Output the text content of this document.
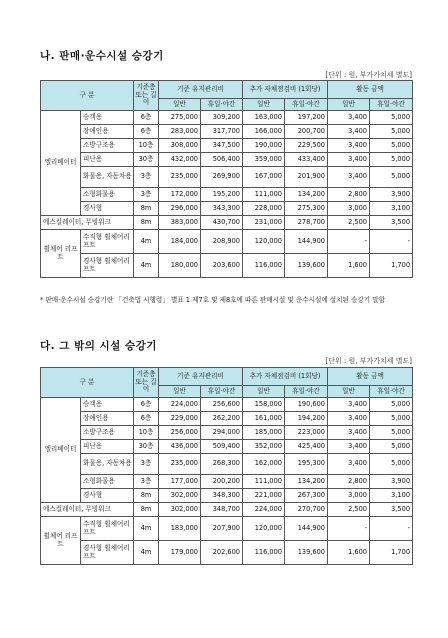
나. 판매·운수시설 승강기
[단위 : 원, 부가가치세 별도]
구 분		기준층 또는 길이	기준 유지관리비		추가 자체점검비 (1회당)		활동 금액	
			일반	휴일·야간	일반	휴일·야간	일반	휴일·야간
엘리베이터	승객용	6층	275,000	309,200	163,000	197,200	3,400	5,000
	장애인용	6층	283,000	317,700	166,000	200,700	3,400	5,000
	소방구조용	10층	308,000	347,500	190,000	229,500	3,400	5,000
	피난용	30층	432,000	506,400	359,000	433,400	3,400	5,000
	화물용, 자동차용	3층	235,000	269,900	167,000	201,900	3,400	5,000
	소형화물용	3층	172,000	195,200	111,000	134,200	2,800	3,900
	경사형	8m	296,000	343,300	228,000	275,300	3,000	3,100
에스컬레이터, 무빙워크		8m	383,000	430,700	231,000	278,700	2,500	3,500
휠체어 리프트	수직형 휠체어리프트	4m	184,000	208,900	120,000	144,900	-	-
	경사형 휠체어리프트	4m	180,000	203,600	116,000	139,600	1,600	1,700
* 판매·운수시설 승강기란 「건축법 시행령」 별표 1 제7호 및 제8호에 따른 판매시설 및 운수시설에 설치된 승강기 말함
다. 그 밖의 시설 승강기
[단위 : 원, 부가가치세 별도]
구 분		기준층 또는 길이	기준 유지관리비		추가 자체점검비 (1회당)		활동 금액	
			일반	휴일·야간	일반	휴일·야간	일반	휴일·야간
엘리베이터	승객용	6층	224,000	256,600	158,000	190,600	3,400	5,000
	장애인용	6층	229,000	262,200	161,000	194,200	3,400	5,000
	소방구조용	10층	256,000	294,000	185,000	223,000	3,400	5,000
	피난용	30층	436,000	509,400	352,000	425,400	3,400	5,000
	화물용, 자동차용	3층	235,000	268,300	162,000	195,300	3,400	5,000
	소형화물용	3층	177,000	200,200	111,000	134,200	2,800	3,900
	경사형	8m	302,000	348,300	221,000	267,300	3,000	3,100
에스컬레이터, 무빙워크		8m	302,000	348,700	224,000	270,700	2,500	3,500
휠체어 리프트	수직형 휠체어리프트	4m	183,000	207,900	120,000	144,900	-	-
	경사형 휠체어리프트	4m	179,000	202,600	116,000	139,600	1,600	1,700
